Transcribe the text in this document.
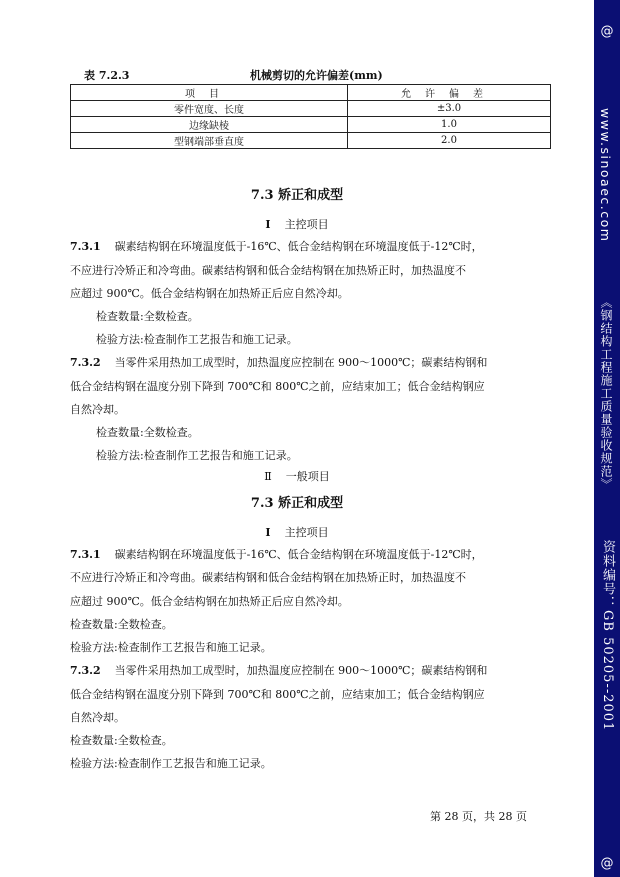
表 7.2.3	机械剪切的允许偏差(mm)
项目	允许偏差
零件宽度、长度	±3.0
边缘缺棱	1.0
型钢端部垂直度	2.0
7.3 矫正和成型
Ⅰ 主控项目
7.3.1 碳素结构钢在环境温度低于-16℃、低合金结构钢在环境温度低于-12℃时，
不应进行冷矫正和冷弯曲。碳素结构钢和低合金结构钢在加热矫正时，加热温度不
应超过 900℃。低合金结构钢在加热矫正后应自然冷却。
检查数量:全数检查。
检验方法:检查制作工艺报告和施工记录。
7.3.2 当零件采用热加工成型时，加热温度应控制在 900～1000℃；碳素结构钢和
低合金结构钢在温度分别下降到 700℃和 800℃之前，应结束加工；低合金结构钢应
自然冷却。
检查数量:全数检查。
检验方法:检查制作工艺报告和施工记录。
Ⅱ 一般项目
7.3 矫正和成型
Ⅰ 主控项目
7.3.1 碳素结构钢在环境温度低于-16℃、低合金结构钢在环境温度低于-12℃时，
不应进行冷矫正和冷弯曲。碳素结构钢和低合金结构钢在加热矫正时，加热温度不
应超过 900℃。低合金结构钢在加热矫正后应自然冷却。
检查数量:全数检查。
检验方法:检查制作工艺报告和施工记录。
7.3.2 当零件采用热加工成型时，加热温度应控制在 900～1000℃；碳素结构钢和
低合金结构钢在温度分别下降到 700℃和 800℃之前，应结束加工；低合金结构钢应
自然冷却。
检查数量:全数检查。
检验方法:检查制作工艺报告和施工记录。
第 28 页，共 28 页
@
www.sinoaec.com
《钢结构工程施工质量验收规范》
资料编号：GB 50205--2001
@
